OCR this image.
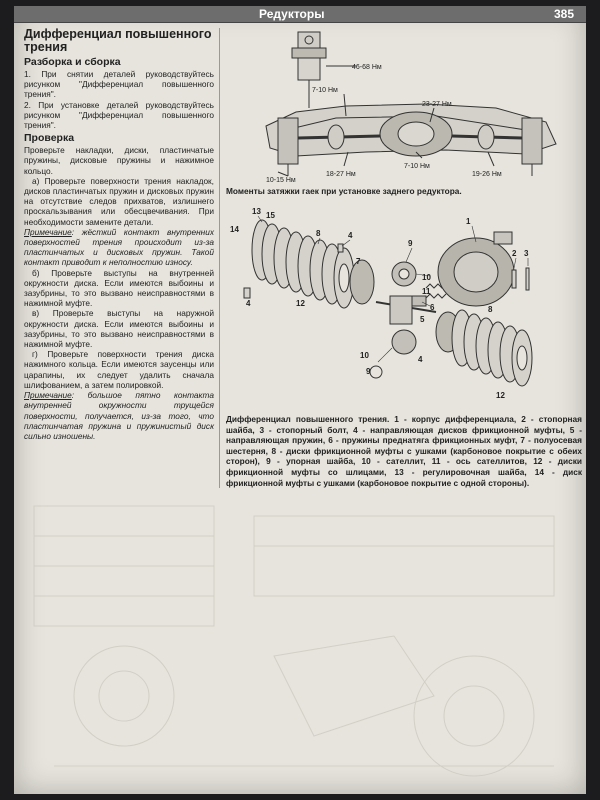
Редукторы	385
Дифференциал повышенного трения
Разборка и сборка

1. При снятии деталей руководствуйтесь рисунком "Дифференциал повышенного трения".

2. При установке деталей руководствуйтесь рисунком "Дифференциал повышенного трения".

Проверка

Проверьте накладки, диски, пластинчатые пружины, дисковые пружины и нажимное кольцо.

а) Проверьте поверхности трения накладок, дисков пластинчатых пружин и дисковых пружин на отсутствие следов прихватов, излишнего проскальзывания или обесцвечивания. При необходимости замените детали.

Примечание: жёсткий контакт внутренних поверхностей трения происходит из-за пластинчатых и дисковых пружин. Такой контакт приводит к неполностию износу.

б) Проверьте выступы на внутренней окружности диска. Если имеются выбоины и зазубрины, то это вызвано неисправностями в нажимной муфте.

в) Проверьте выступы на наружной окружности диска. Если имеются выбоины и зазубрины, то это вызвано неисправностями в нажимной муфте.

г) Проверьте поверхности трения диска нажимного кольца. Если имеются заусенцы или царапины, их следует удалить сначала шлифованием, а затем полировкой.

Примечание: большое пятно контакта внутренней окружности трущейся поверхности, получается, из-за того, что пластинчатая пружина и пружинистый диск сильно изношены.

46-68 Нм
7-10 Нм
23-27 Нм
10-15 Нм
18-27 Нм
7-10 Нм
19-26 Нм
Моменты затяжки гаек при установке заднего редуктора.
13 15
14	8	4
4	12
7
9
10
11
6
5
10
9
4
1
2 3
8
12
Дифференциал повышенного трения. 1 - корпус дифференциала, 2 - стопорная шайба, 3 - стопорный болт, 4 - направляющая дисков фрикционной муфты, 5 - направляющая пружин, 6 - пружины преднатяга фрикционных муфт, 7 - полуосевая шестерня, 8 - диски фрикционной муфты с ушками (карбоновое покрытие с обеих сторон), 9 - упорная шайба, 10 - сателлит, 11 - ось сателлитов, 12 - диски фрикционной муфты со шлицами, 13 - регулировочная шайба, 14 - диск фрикционной муфты с ушками (карбоновое покрытие с одной стороны).
